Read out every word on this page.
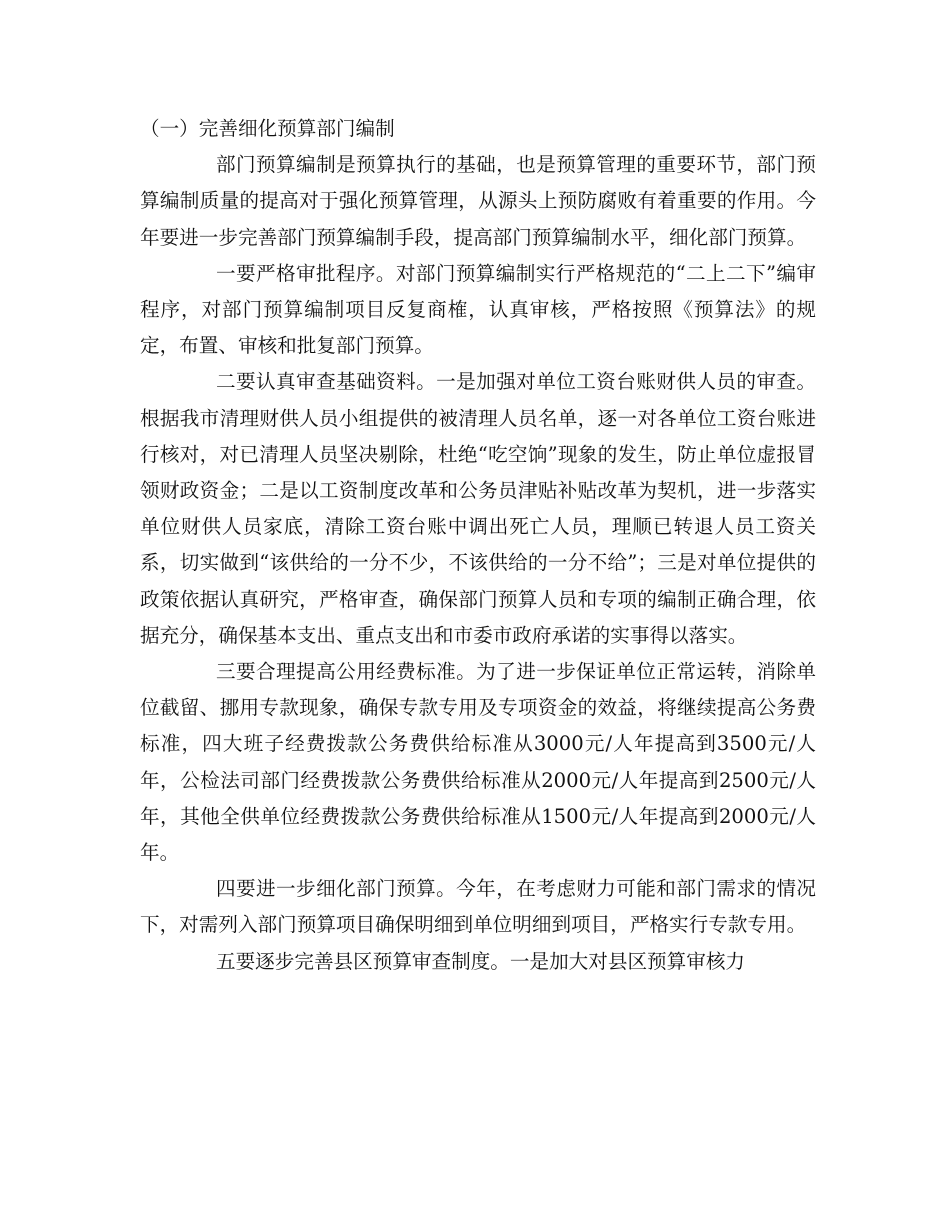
（一）完善细化预算部门编制

部门预算编制是预算执行的基础，也是预算管理的重要环节，部门预算编制质量的提高对于强化预算管理，从源头上预防腐败有着重要的作用。今年要进一步完善部门预算编制手段，提高部门预算编制水平，细化部门预算。

一要严格审批程序。对部门预算编制实行严格规范的“二上二下”编审程序，对部门预算编制项目反复商榷，认真审核，严格按照《预算法》的规定，布置、审核和批复部门预算。

二要认真审查基础资料。一是加强对单位工资台账财供人员的审查。根据我市清理财供人员小组提供的被清理人员名单，逐一对各单位工资台账进行核对，对已清理人员坚决剔除，杜绝“吃空饷”现象的发生，防止单位虚报冒领财政资金；二是以工资制度改革和公务员津贴补贴改革为契机，进一步落实单位财供人员家底，清除工资台账中调出死亡人员，理顺已转退人员工资关系，切实做到“该供给的一分不少，不该供给的一分不给”；三是对单位提供的政策依据认真研究，严格审查，确保部门预算人员和专项的编制正确合理，依据充分，确保基本支出、重点支出和市委市政府承诺的实事得以落实。

三要合理提高公用经费标准。为了进一步保证单位正常运转，消除单位截留、挪用专款现象，确保专款专用及专项资金的效益，将继续提高公务费标准，四大班子经费拨款公务费供给标准从3000元/人年提高到3500元/人年，公检法司部门经费拨款公务费供给标准从2000元/人年提高到2500元/人年，其他全供单位经费拨款公务费供给标准从1500元/人年提高到2000元/人年。

四要进一步细化部门预算。今年，在考虑财力可能和部门需求的情况下，对需列入部门预算项目确保明细到单位明细到项目，严格实行专款专用。

五要逐步完善县区预算审查制度。一是加大对县区预算审核力
